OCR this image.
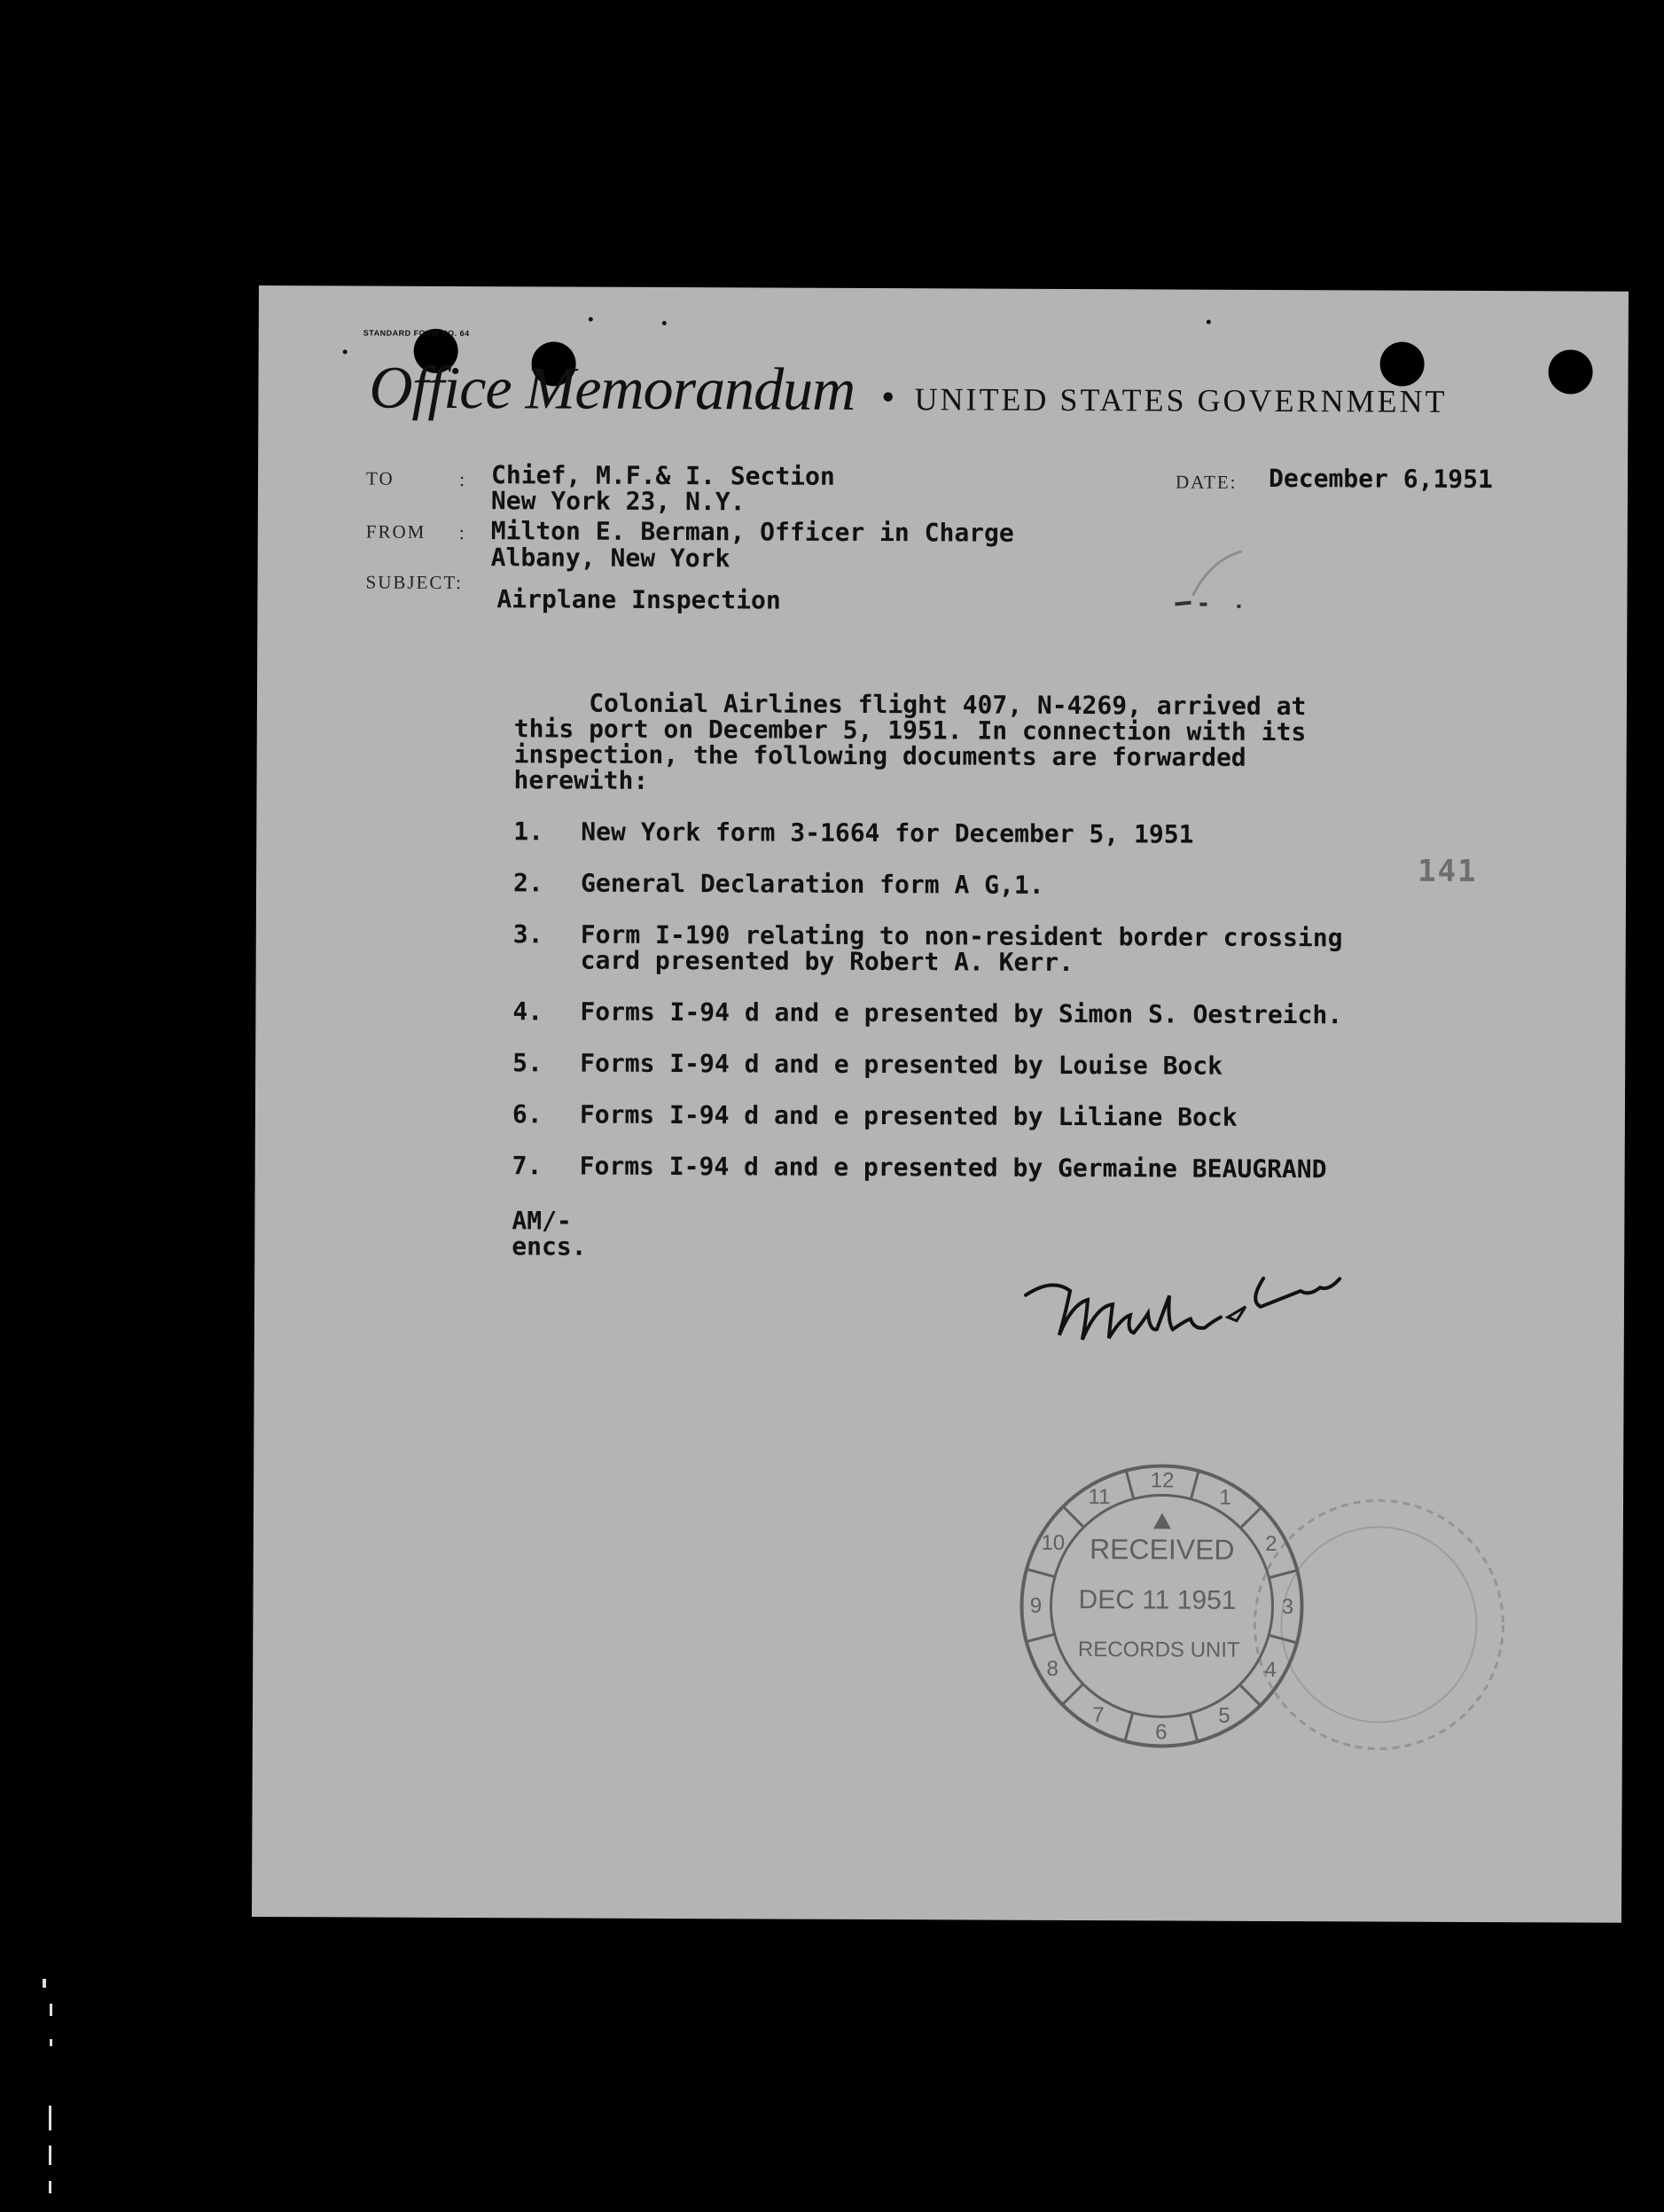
STANDARD FORM NO. 64
Office Memorandum • UNITED STATES GOVERNMENT
TO	: Chief, M.F.& I. Section
New York 23, N.Y.
FROM : Milton E. Berman, Officer in Charge
Albany, New York
SUBJECT:
Airplane Inspection
DATE: December 6,1951
Colonial Airlines flight 407, N-4269, arrived at
this port on December 5, 1951. In connection with its
inspection, the following documents are forwarded
herewith:
1.	New York form 3-1664 for December 5, 1951
2.	General Declaration form A G,1.
3.	Form I-190 relating to non-resident border crossing
card presented by Robert A. Kerr.
4.	Forms I-94 d and e presented by Simon S. Oestreich.
5.	Forms I-94 d and e presented by Louise Bock
6.	Forms I-94 d and e presented by Liliane Bock
7.	Forms I-94 d and e presented by Germaine BEAUGRAND
AM/-
encs.
141
1
2
3
4
5
6
7
8
9
10
11
12
RECEIVED
DEC 11 1951
RECORDS UNIT
